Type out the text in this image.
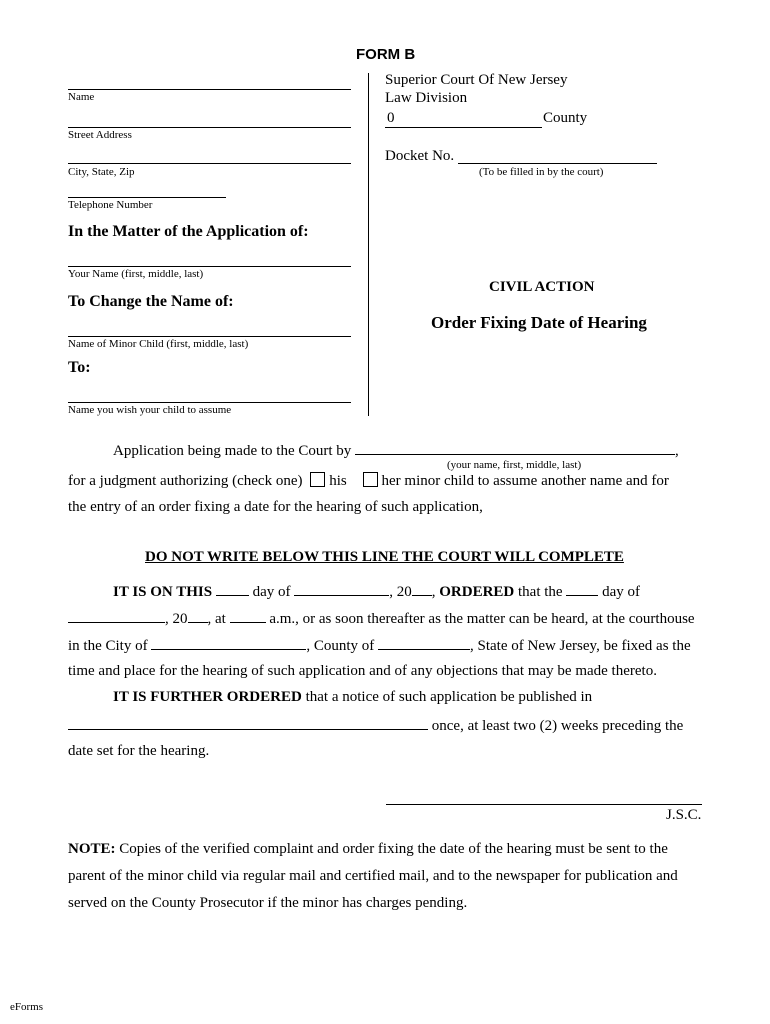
FORM B
Name
Street Address
City, State, Zip
Telephone Number
In the Matter of the Application of:
Your Name (first, middle, last)
To Change the Name of:
Name of Minor Child (first, middle, last)
To:
Name you wish your child to assume
Superior Court Of New Jersey
Law Division
0	County
Docket No.
(To be filled in by the court)
CIVIL ACTION
Order Fixing Date of Hearing
Application being made to the Court by	,
(your name, first, middle, last)
for a judgment authorizing (check one) his her minor child to assume another name and for
the entry of an order fixing a date for the hearing of such application,
DO NOT WRITE BELOW THIS LINE THE COURT WILL COMPLETE
IT IS ON THIS	day of	, 20 , ORDERED that the	day of
, 20 , at	a.m., or as soon thereafter as the matter can be heard, at the courthouse
in the City of	, County of	, State of New Jersey, be fixed as the
time and place for the hearing of such application and of any objections that may be made thereto.
IT IS FURTHER ORDERED that a notice of such application be published in
once, at least two (2) weeks preceding the
date set for the hearing.
J.S.C.
NOTE: Copies of the verified complaint and order fixing the date of the hearing must be sent to the
parent of the minor child via regular mail and certified mail, and to the newspaper for publication and
served on the County Prosecutor if the minor has charges pending.
eForms
